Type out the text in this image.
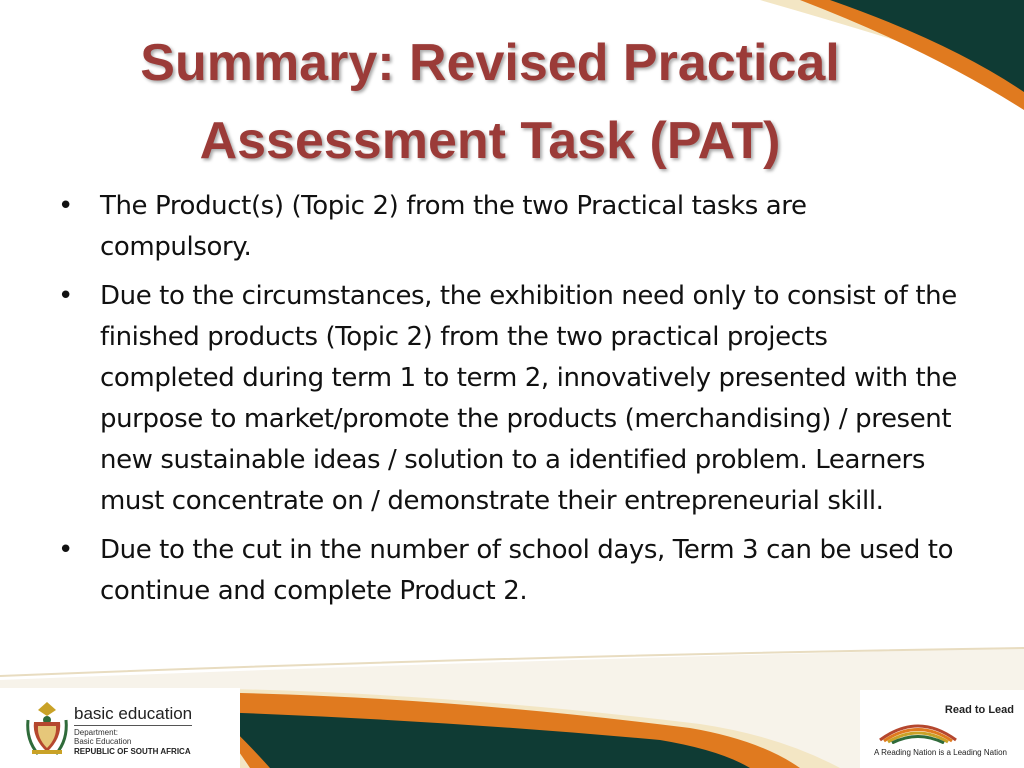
Summary: Revised Practical
Assessment Task (PAT)
• The Product(s) (Topic 2) from the two Practical tasks are compulsory.
• Due to the circumstances, the exhibition need only to consist of the finished products (Topic 2) from the two practical projects completed during term 1 to term 2, innovatively presented with the purpose to market/promote the products (merchandising) / present new sustainable ideas / solution to a identified problem. Learners must concentrate on / demonstrate their entrepreneurial skill.
• Due to the cut in the number of school days, Term 3 can be used to continue and complete Product 2.
basic education
Department:
Basic Education
REPUBLIC OF SOUTH AFRICA
Read to Lead
A Reading Nation is a Leading Nation
